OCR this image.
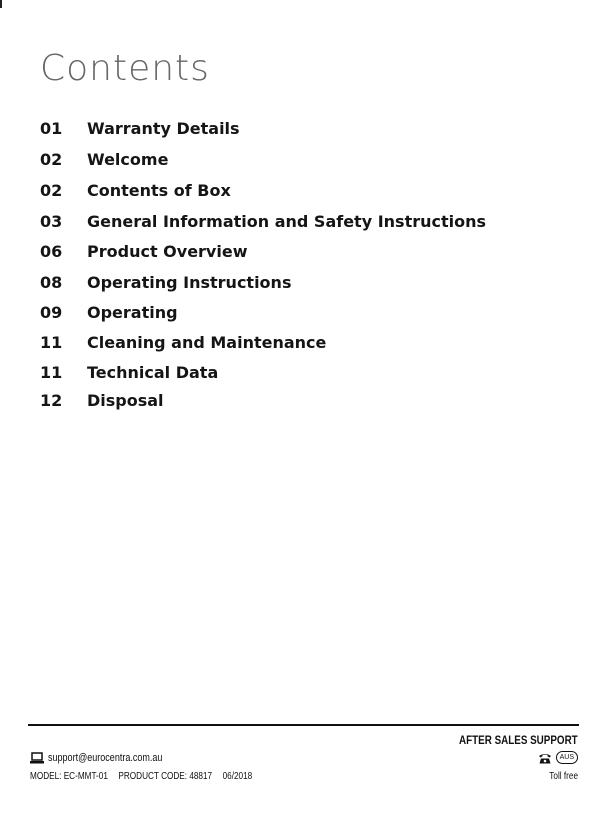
Contents
01	Warranty Details
02	Welcome
02	Contents of Box
03	General Information and Safety Instructions
06	Product Overview
08	Operating Instructions
09	Operating
11	Cleaning and Maintenance
11	Technical Data
12	Disposal
AFTER SALES SUPPORT
support@eurocentra.com.au
MODEL: EC-MMT-01 PRODUCT CODE: 48817 06/2018
AUS
Toll free
